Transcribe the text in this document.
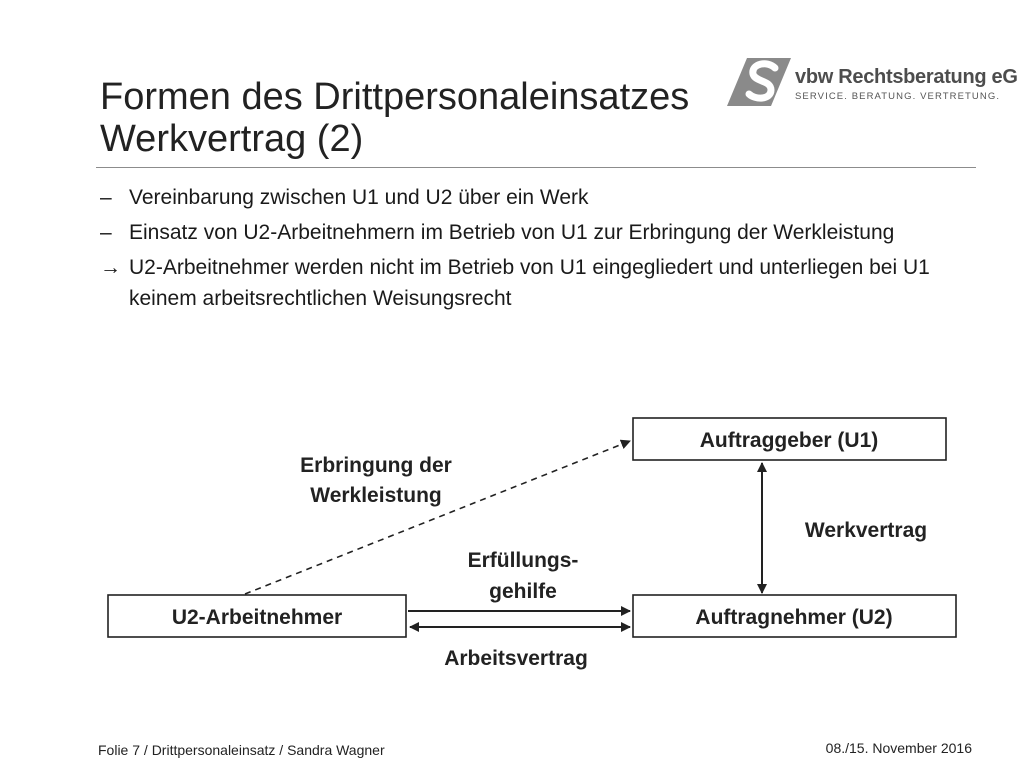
Formen des Drittpersonaleinsatzes
Werkvertrag (2)
vbw Rechtsberatung eG
SERVICE. BERATUNG. VERTRETUNG.
– Vereinbarung zwischen U1 und U2 über ein Werk
– Einsatz von U2-Arbeitnehmern im Betrieb von U1 zur Erbringung der Werkleistung
→ U2-Arbeitnehmer werden nicht im Betrieb von U1 eingegliedert und unterliegen bei U1 keinem arbeitsrechtlichen Weisungsrecht
Auftraggeber (U1)
Auftragnehmer (U2)
U2-Arbeitnehmer
Erbringung der
Werkleistung
Werkvertrag
Erfüllungs-
gehilfe
Arbeitsvertrag
Folie 7 / Drittpersonaleinsatz / Sandra Wagner	08./15. November 2016
